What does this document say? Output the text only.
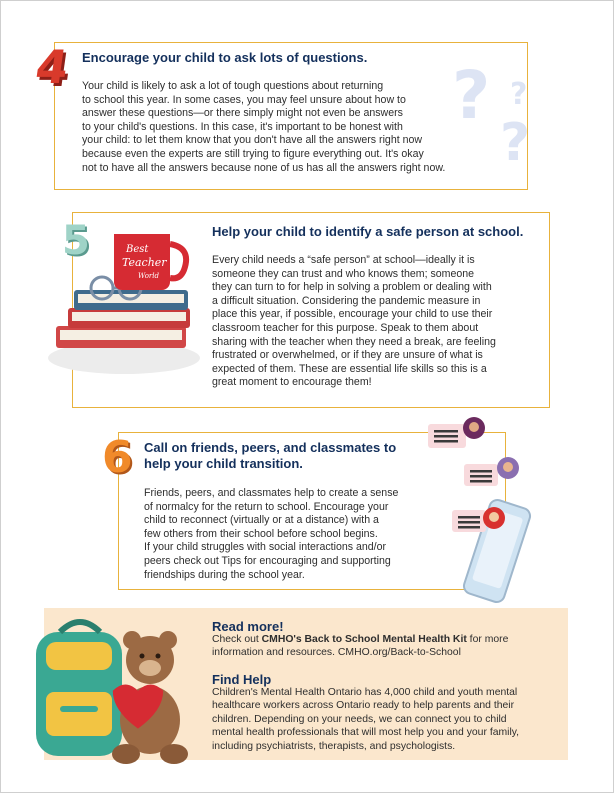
4 Encourage your child to ask lots of questions.
Your child is likely to ask a lot of tough questions about returning
to school this year. In some cases, you may feel unsure about how to
answer these questions—or there simply might not even be answers
to your child's questions. In this case, it's important to be honest with
your child: to let them know that you don't have all the answers right now
because even the experts are still trying to figure everything out. It's okay
not to have all the answers because none of us has all the answers right now.
? ?
?
5	Best
Teacher
World
Help your child to identify a safe person at school.
Every child needs a “safe person” at school—ideally it is
someone they can trust and who knows them; someone
they can turn to for help in solving a problem or dealing with
a difficult situation. Considering the pandemic measure in
place this year, if possible, encourage your child to use their
classroom teacher for this purpose. Speak to them about
sharing with the teacher when they need a break, are feeling
frustrated or overwhelmed, or if they are unsure of what is
expected of them. These are essential life skills so this is a
great moment to encourage them!
6 Call on friends, peers, and classmates to
help your child transition.
Friends, peers, and classmates help to create a sense
of normalcy for the return to school. Encourage your
child to reconnect (virtually or at a distance) with a
few others from their school before school begins.
If your child struggles with social interactions and/or
peers check out Tips for encouraging and supporting
friendships during the school year.
Read more!
Check out CMHO's Back to School Mental Health Kit for more
information and resources. CMHO.org/Back-to-School
Find Help
Children's Mental Health Ontario has 4,000 child and youth mental
healthcare workers across Ontario ready to help parents and their
children. Depending on your needs, we can connect you to child
mental health professionals that will most help you and your family,
including psychiatrists, therapists, and psychologists.
